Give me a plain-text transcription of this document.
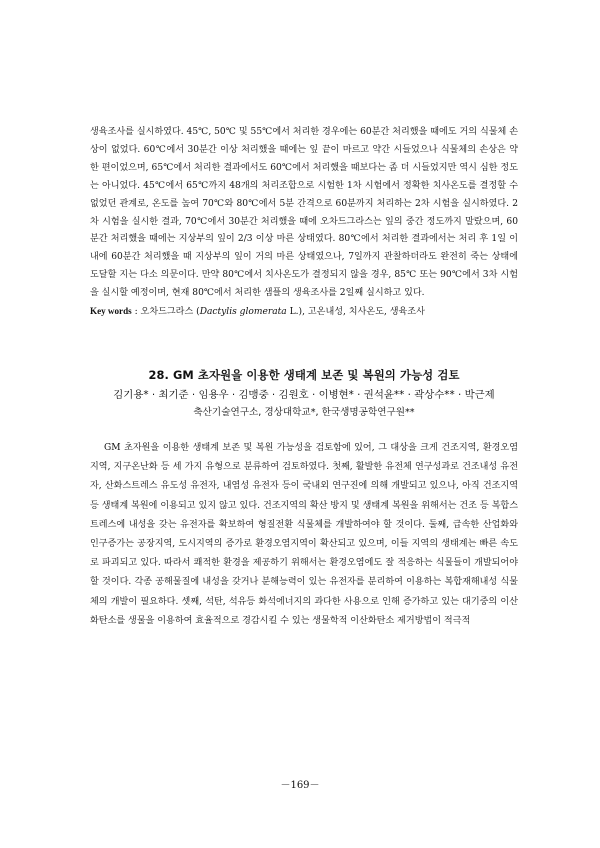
생육조사를 실시하였다. 45℃, 50℃ 및 55℃에서 처리한 경우에는 60분간 처리했을 때에도 거의 식물체 손상이 없었다. 60℃에서 30분간 이상 처리했을 때에는 잎 끝이 마르고 약간 시들었으나 식물체의 손상은 약한 편이었으며, 65℃에서 처리한 결과에서도 60℃에서 처리했을 때보다는 좀 더 시들었지만 역시 심한 정도는 아니었다. 45℃에서 65℃까지 48개의 처리조합으로 시험한 1차 시험에서 정확한 치사온도를 결정할 수 없었던 관계로, 온도를 높여 70℃와 80℃에서 5분 간격으로 60분까지 처리하는 2차 시험을 실시하였다. 2차 시험을 실시한 결과, 70℃에서 30분간 처리했을 때에 오차드그라스는 잎의 중간 정도까지 말랐으며, 60분간 처리했을 때에는 지상부의 잎이 2/3 이상 마른 상태였다. 80℃에서 처리한 결과에서는 처리 후 1일 이내에 60분간 처리했을 때 지상부의 잎이 거의 마른 상태였으나, 7일까지 관찰하더라도 완전히 죽는 상태에 도달할 지는 다소 의문이다. 만약 80℃에서 치사온도가 결정되지 않을 경우, 85℃ 또는 90℃에서 3차 시험을 실시할 예정이며, 현재 80℃에서 처리한 샘플의 생육조사를 2일째 실시하고 있다.

Key words : 오차드그라스 (Dactylis glomerata L.), 고온내성, 치사온도, 생육조사

28. GM 초자원을 이용한 생태계 보존 및 복원의 가능성 검토
김기용* · 최기준 · 임용우 · 김맹중 · 김원호 · 이병현* · 권석윤** · 곽상수** · 박근제
축산기술연구소, 경상대학교*, 한국생명공학연구원**

GM 초자원을 이용한 생태계 보존 및 복원 가능성을 검토함에 있어, 그 대상을 크게 건조지역, 환경오염지역, 지구온난화 등 세 가지 유형으로 분류하여 검토하였다. 첫째, 활발한 유전체 연구성과로 건조내성 유전자, 산화스트레스 유도성 유전자, 내염성 유전자 등이 국내외 연구진에 의해 개발되고 있으나, 아직 건조지역 등 생태계 복원에 이용되고 있지 않고 있다. 건조지역의 확산 방지 및 생태계 복원을 위해서는 건조 등 복합스트레스에 내성을 갖는 유전자를 확보하여 형질전환 식물체를 개발하여야 할 것이다. 둘째, 급속한 산업화와 인구증가는 공장지역, 도시지역의 증가로 환경오염지역이 확산되고 있으며, 이들 지역의 생태계는 빠른 속도로 파괴되고 있다. 따라서 쾌적한 환경을 제공하기 위해서는 환경오염에도 잘 적응하는 식물들이 개발되어야 할 것이다. 각종 공해물질에 내성을 갖거나 분해능력이 있는 유전자를 분리하여 이용하는 복합재해내성 식물체의 개발이 필요하다. 셋째, 석탄, 석유등 화석에너지의 과다한 사용으로 인해 증가하고 있는 대기중의 이산화탄소를 생물을 이용하여 효율적으로 경감시킬 수 있는 생물학적 이산화탄소 제거방법이 적극적

－169－
